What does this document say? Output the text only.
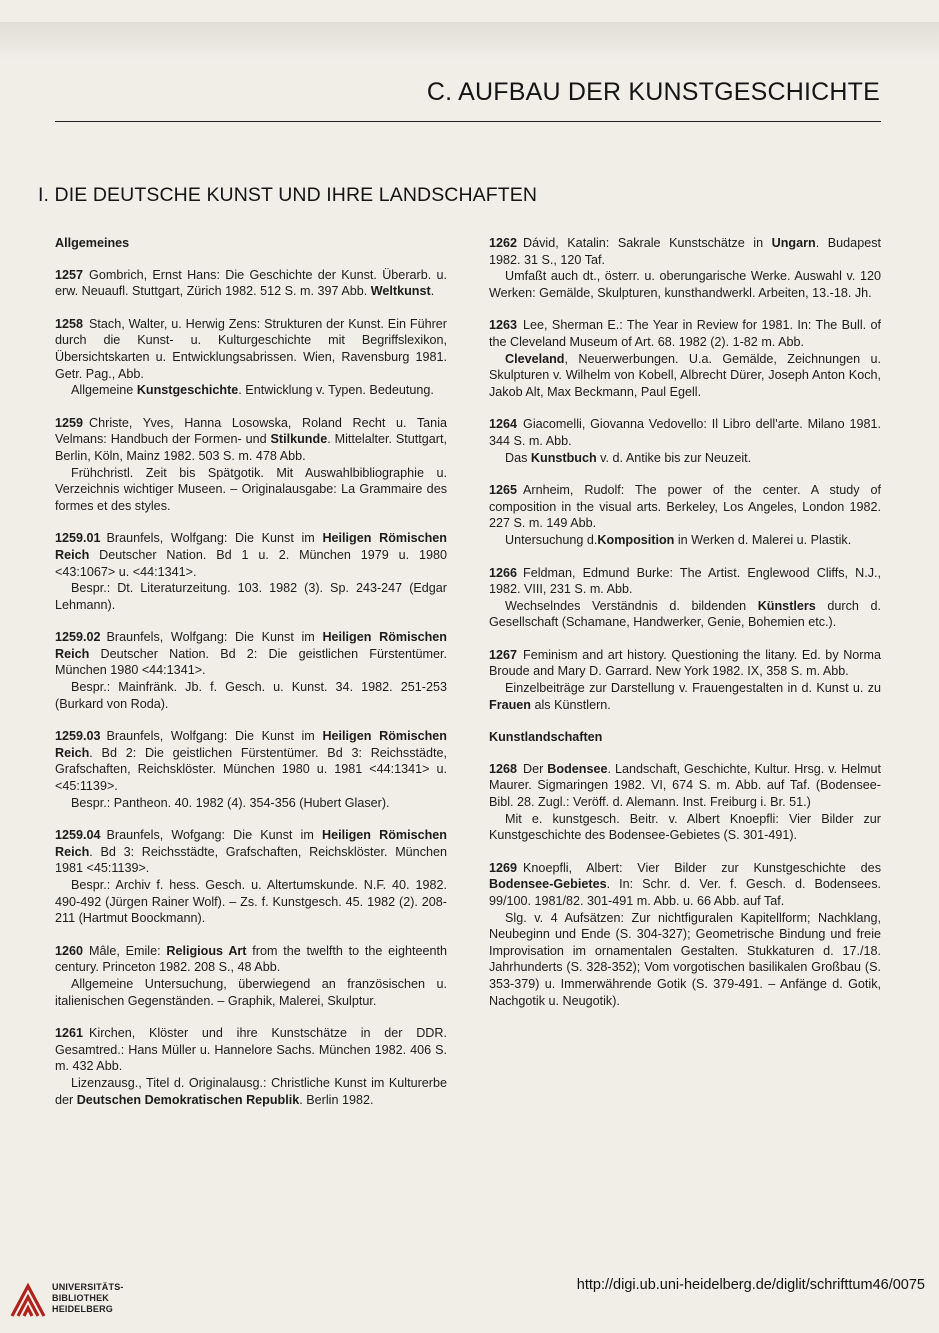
C. AUFBAU DER KUNSTGESCHICHTE
I. DIE DEUTSCHE KUNST UND IHRE LANDSCHAFTEN
Allgemeines

1257 Gombrich, Ernst Hans: Die Geschichte der Kunst. Überarb. u. erw. Neuaufl. Stuttgart, Zürich 1982. 512 S. m. 397 Abb. Weltkunst.

1258 Stach, Walter, u. Herwig Zens: Strukturen der Kunst. Ein Führer durch die Kunst- u. Kulturgeschichte mit Begriffslexikon, Übersichtskarten u. Entwicklungsabrissen. Wien, Ravensburg 1981. Getr. Pag., Abb.

Allgemeine Kunstgeschichte. Entwicklung v. Typen. Bedeutung.

1259 Christe, Yves, Hanna Losowska, Roland Recht u. Tania Velmans: Handbuch der Formen- und Stilkunde. Mittelalter. Stuttgart, Berlin, Köln, Mainz 1982. 503 S. m. 478 Abb.

Frühchristl. Zeit bis Spätgotik. Mit Auswahlbibliographie u. Verzeichnis wichtiger Museen. – Originalausgabe: La Grammaire des formes et des styles.

1259.01 Braunfels, Wolfgang: Die Kunst im Heiligen Römischen Reich Deutscher Nation. Bd 1 u. 2. München 1979 u. 1980 <43:1067> u. <44:1341>.

Bespr.: Dt. Literaturzeitung. 103. 1982 (3). Sp. 243-247 (Edgar Lehmann).

1259.02 Braunfels, Wolfgang: Die Kunst im Heiligen Römischen Reich Deutscher Nation. Bd 2: Die geistlichen Fürstentümer. München 1980 <44:1341>.

Bespr.: Mainfränk. Jb. f. Gesch. u. Kunst. 34. 1982. 251-253 (Burkard von Roda).

1259.03 Braunfels, Wolfgang: Die Kunst im Heiligen Römischen Reich. Bd 2: Die geistlichen Fürstentümer. Bd 3: Reichsstädte, Grafschaften, Reichsklöster. München 1980 u. 1981 <44:1341> u. <45:1139>.

Bespr.: Pantheon. 40. 1982 (4). 354-356 (Hubert Glaser).

1259.04 Braunfels, Wofgang: Die Kunst im Heiligen Römischen Reich. Bd 3: Reichsstädte, Grafschaften, Reichsklöster. München 1981 <45:1139>.

Bespr.: Archiv f. hess. Gesch. u. Altertumskunde. N.F. 40. 1982. 490-492 (Jürgen Rainer Wolf). – Zs. f. Kunstgesch. 45. 1982 (2). 208-211 (Hartmut Boockmann).

1260 Mâle, Emile: Religious Art from the twelfth to the eighteenth century. Princeton 1982. 208 S., 48 Abb.

Allgemeine Untersuchung, überwiegend an französischen u. italienischen Gegenständen. – Graphik, Malerei, Skulptur.

1261 Kirchen, Klöster und ihre Kunstschätze in der DDR. Gesamtred.: Hans Müller u. Hannelore Sachs. München 1982. 406 S. m. 432 Abb.

Lizenzausg., Titel d. Originalausg.: Christliche Kunst im Kulturerbe der Deutschen Demokratischen Republik. Berlin 1982.

1262 Dávid, Katalin: Sakrale Kunstschätze in Ungarn. Budapest 1982. 31 S., 120 Taf.

Umfaßt auch dt., österr. u. oberungarische Werke. Auswahl v. 120 Werken: Gemälde, Skulpturen, kunsthandwerkl. Arbeiten, 13.-18. Jh.

1263 Lee, Sherman E.: The Year in Review for 1981. In: The Bull. of the Cleveland Museum of Art. 68. 1982 (2). 1-82 m. Abb.

Cleveland, Neuerwerbungen. U.a. Gemälde, Zeichnungen u. Skulpturen v. Wilhelm von Kobell, Albrecht Dürer, Joseph Anton Koch, Jakob Alt, Max Beckmann, Paul Egell.

1264 Giacomelli, Giovanna Vedovello: Il Libro dell'arte. Milano 1981. 344 S. m. Abb.

Das Kunstbuch v. d. Antike bis zur Neuzeit.

1265 Arnheim, Rudolf: The power of the center. A study of composition in the visual arts. Berkeley, Los Angeles, London 1982. 227 S. m. 149 Abb.

Untersuchung d.Komposition in Werken d. Malerei u. Plastik.

1266 Feldman, Edmund Burke: The Artist. Englewood Cliffs, N.J., 1982. VIII, 231 S. m. Abb.

Wechselndes Verständnis d. bildenden Künstlers durch d. Gesellschaft (Schamane, Handwerker, Genie, Bohemien etc.).

1267 Feminism and art history. Questioning the litany. Ed. by Norma Broude and Mary D. Garrard. New York 1982. IX, 358 S. m. Abb.

Einzelbeiträge zur Darstellung v. Frauengestalten in d. Kunst u. zu Frauen als Künstlern.

Kunstlandschaften

1268 Der Bodensee. Landschaft, Geschichte, Kultur. Hrsg. v. Helmut Maurer. Sigmaringen 1982. VI, 674 S. m. Abb. auf Taf. (Bodensee-Bibl. 28. Zugl.: Veröff. d. Alemann. Inst. Freiburg i. Br. 51.)

Mit e. kunstgesch. Beitr. v. Albert Knoepfli: Vier Bilder zur Kunstgeschichte des Bodensee-Gebietes (S. 301-491).

1269 Knoepfli, Albert: Vier Bilder zur Kunstgeschichte des Bodensee-Gebietes. In: Schr. d. Ver. f. Gesch. d. Bodensees. 99/100. 1981/82. 301-491 m. Abb. u. 66 Abb. auf Taf.

Slg. v. 4 Aufsätzen: Zur nichtfiguralen Kapitellform; Nachklang, Neubeginn und Ende (S. 304-327); Geometrische Bindung und freie Improvisation im ornamentalen Gestalten. Stukkaturen d. 17./18. Jahrhunderts (S. 328-352); Vom vorgotischen basilikalen Großbau (S. 353-379) u. Immerwährende Gotik (S. 379-491. – Anfänge d. Gotik, Nachgotik u. Neugotik).

UNIVERSITÄTS-
BIBLIOTHEK
HEIDELBERG
http://digi.ub.uni-heidelberg.de/diglit/schrifttum46/0075
